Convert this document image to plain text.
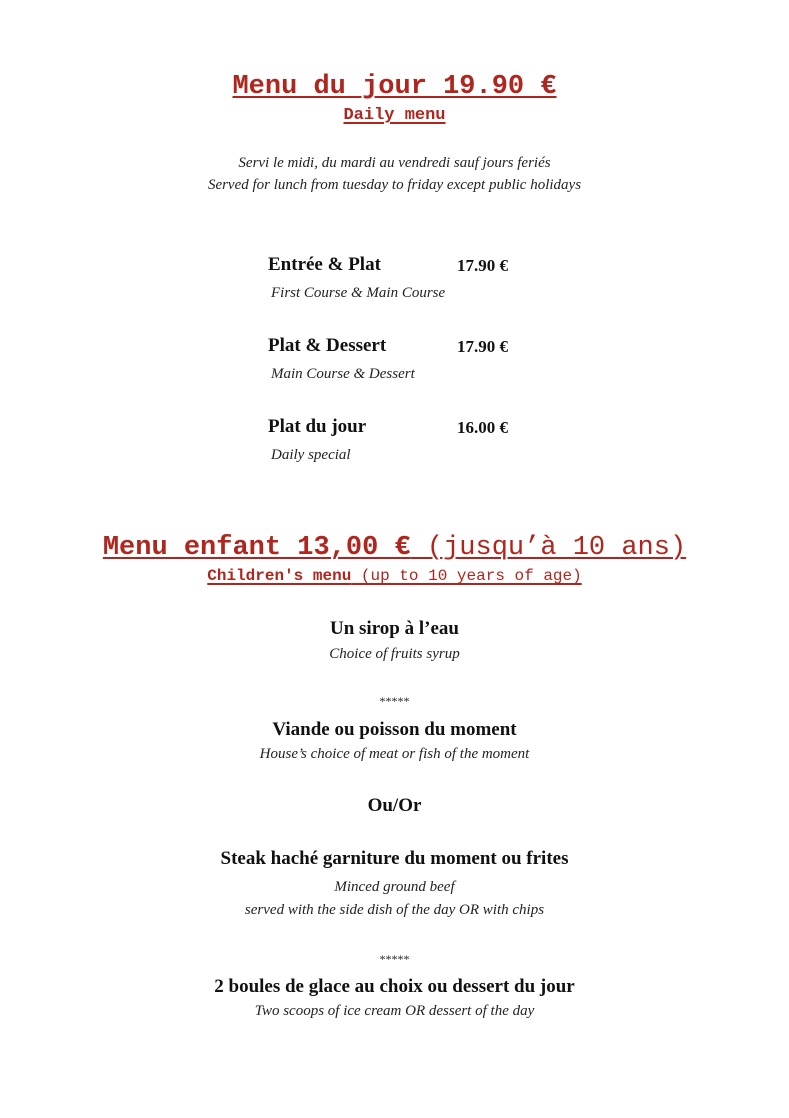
Menu du jour 19.90 €
Daily menu
Servi le midi, du mardi au vendredi sauf jours feriés
Served for lunch from tuesday to friday except public holidays
Entrée & Plat	17.90 €
First Course & Main Course
Plat & Dessert	17.90 €
Main Course & Dessert
Plat du jour	16.00 €
Daily special
Menu enfant 13,00 € (jusqu’à 10 ans)
Children's menu (up to 10 years of age)
Un sirop à l’eau
Choice of fruits syrup
*****
Viande ou poisson du moment
House’s choice of meat or fish of the moment
Ou/Or
Steak haché garniture du moment ou frites
Minced ground beef
served with the side dish of the day OR with chips
*****
2 boules de glace au choix ou dessert du jour
Two scoops of ice cream OR dessert of the day
